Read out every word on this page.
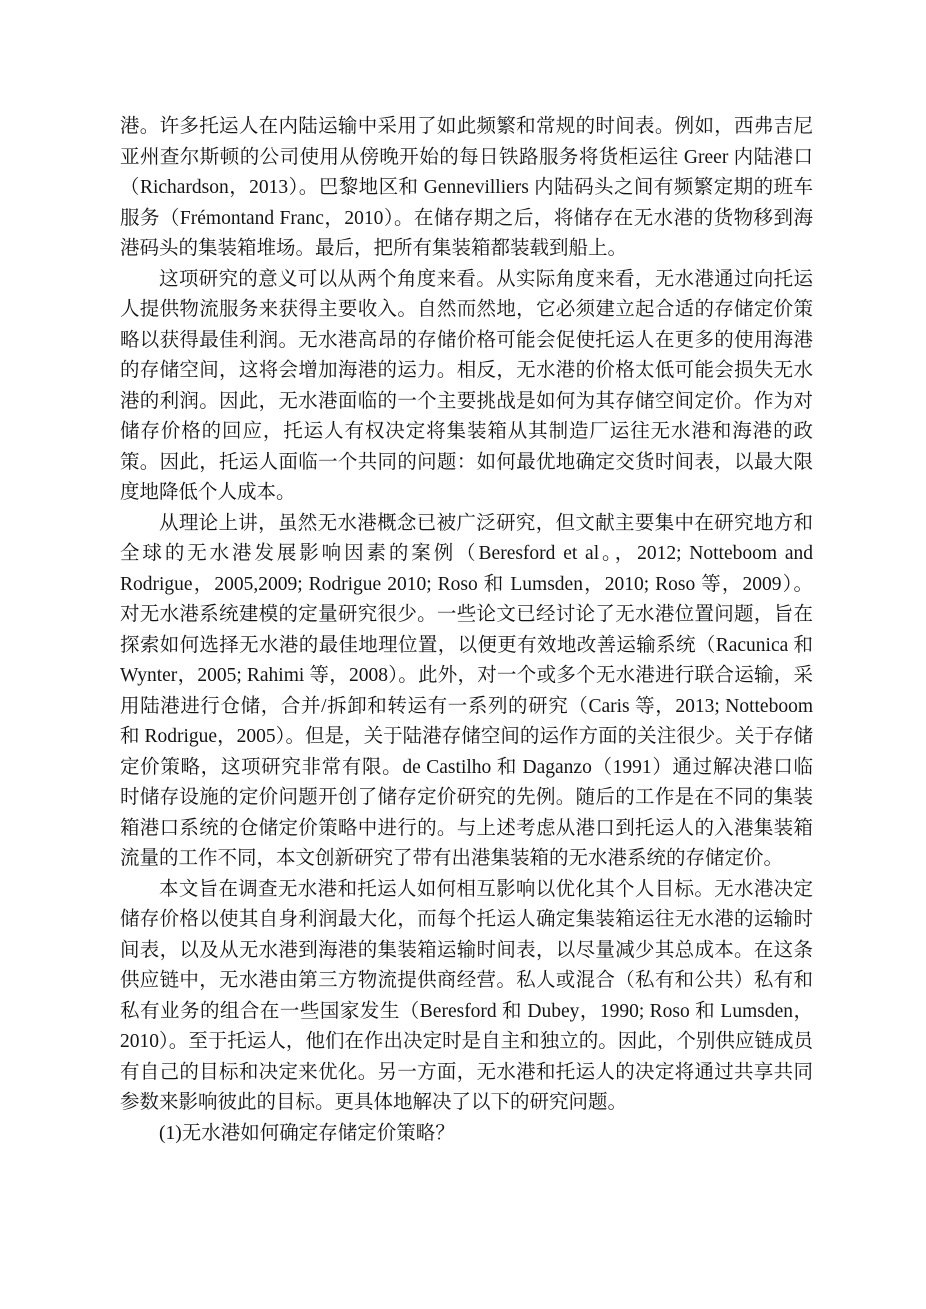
港。许多托运人在内陆运输中采用了如此频繁和常规的时间表。例如，西弗吉尼亚州查尔斯顿的公司使用从傍晚开始的每日铁路服务将货柜运往 Greer 内陆港口（Richardson，2013）。巴黎地区和 Gennevilliers 内陆码头之间有频繁定期的班车服务（Frémontand Franc，2010）。在储存期之后，将储存在无水港的货物移到海港码头的集装箱堆场。最后，把所有集装箱都装载到船上。

这项研究的意义可以从两个角度来看。从实际角度来看，无水港通过向托运人提供物流服务来获得主要收入。自然而然地，它必须建立起合适的存储定价策略以获得最佳利润。无水港高昂的存储价格可能会促使托运人在更多的使用海港的存储空间，这将会增加海港的运力。相反，无水港的价格太低可能会损失无水港的利润。因此，无水港面临的一个主要挑战是如何为其存储空间定价。作为对储存价格的回应，托运人有权决定将集装箱从其制造厂运往无水港和海港的政策。因此，托运人面临一个共同的问题：如何最优地确定交货时间表，以最大限度地降低个人成本。

从理论上讲，虽然无水港概念已被广泛研究，但文献主要集中在研究地方和全球的无水港发展影响因素的案例（Beresford et al。，2012; Notteboom and Rodrigue，2005,2009; Rodrigue 2010; Roso 和 Lumsden，2010; Roso 等，2009）。对无水港系统建模的定量研究很少。一些论文已经讨论了无水港位置问题，旨在探索如何选择无水港的最佳地理位置，以便更有效地改善运输系统（Racunica 和 Wynter，2005; Rahimi 等，2008）。此外，对一个或多个无水港进行联合运输，采用陆港进行仓储，合并/拆卸和转运有一系列的研究（Caris 等，2013; Notteboom 和 Rodrigue，2005）。但是，关于陆港存储空间的运作方面的关注很少。关于存储定价策略，这项研究非常有限。de Castilho 和 Daganzo（1991）通过解决港口临时储存设施的定价问题开创了储存定价研究的先例。随后的工作是在不同的集装箱港口系统的仓储定价策略中进行的。与上述考虑从港口到托运人的入港集装箱流量的工作不同，本文创新研究了带有出港集装箱的无水港系统的存储定价。

本文旨在调查无水港和托运人如何相互影响以优化其个人目标。无水港决定储存价格以使其自身利润最大化，而每个托运人确定集装箱运往无水港的运输时间表，以及从无水港到海港的集装箱运输时间表，以尽量减少其总成本。在这条供应链中，无水港由第三方物流提供商经营。私人或混合（私有和公共）私有和私有业务的组合在一些国家发生（Beresford 和 Dubey，1990; Roso 和 Lumsden，2010）。至于托运人，他们在作出决定时是自主和独立的。因此，个别供应链成员有自己的目标和决定来优化。另一方面，无水港和托运人的决定将通过共享共同参数来影响彼此的目标。更具体地解决了以下的研究问题。

(1)无水港如何确定存储定价策略？
